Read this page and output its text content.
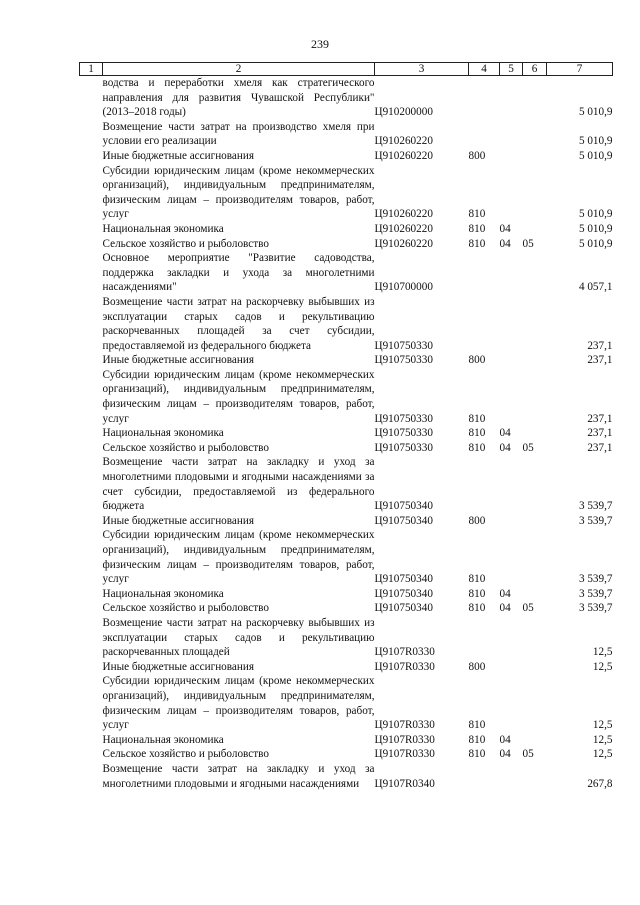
239
1	2	3	4	5	6	7
	водства и переработки хмеля как стратегического направления для развития Чувашской Республики" (2013–2018 годы)	Ц910200000				5 010,9
	Возмещение части затрат на производство хмеля при условии его реализации	Ц910260220				5 010,9
	Иные бюджетные ассигнования	Ц910260220	800			5 010,9
	Субсидии юридическим лицам (кроме некоммерческих организаций), индивидуальным предпринимателям, физическим лицам – производителям товаров, работ, услуг	Ц910260220	810			5 010,9
	Национальная экономика	Ц910260220	810	04		5 010,9
	Сельское хозяйство и рыболовство	Ц910260220	810	04	05	5 010,9
	Основное мероприятие "Развитие садоводства, поддержка закладки и ухода за многолетними насаждениями"	Ц910700000				4 057,1
	Возмещение части затрат на раскорчевку выбывших из эксплуатации старых садов и рекультивацию раскорчеванных площадей за счет субсидии, предоставляемой из федерального бюджета	Ц910750330				237,1
	Иные бюджетные ассигнования	Ц910750330	800			237,1
	Субсидии юридическим лицам (кроме некоммерческих организаций), индивидуальным предпринимателям, физическим лицам – производителям товаров, работ, услуг	Ц910750330	810			237,1
	Национальная экономика	Ц910750330	810	04		237,1
	Сельское хозяйство и рыболовство	Ц910750330	810	04	05	237,1
	Возмещение части затрат на закладку и уход за многолетними плодовыми и ягодными насаждениями за счет субсидии, предоставляемой из федерального бюджета	Ц910750340				3 539,7
	Иные бюджетные ассигнования	Ц910750340	800			3 539,7
	Субсидии юридическим лицам (кроме некоммерческих организаций), индивидуальным предпринимателям, физическим лицам – производителям товаров, работ, услуг	Ц910750340	810			3 539,7
	Национальная экономика	Ц910750340	810	04		3 539,7
	Сельское хозяйство и рыболовство	Ц910750340	810	04	05	3 539,7
	Возмещение части затрат на раскорчевку выбывших из эксплуатации старых садов и рекультивацию раскорчеванных площадей	Ц9107R0330				12,5
	Иные бюджетные ассигнования	Ц9107R0330	800			12,5
	Субсидии юридическим лицам (кроме некоммерческих организаций), индивидуальным предпринимателям, физическим лицам – производителям товаров, работ, услуг	Ц9107R0330	810			12,5
	Национальная экономика	Ц9107R0330	810	04		12,5
	Сельское хозяйство и рыболовство	Ц9107R0330	810	04	05	12,5
	Возмещение части затрат на закладку и уход за многолетними плодовыми и ягодными насаждениями	Ц9107R0340				267,8
